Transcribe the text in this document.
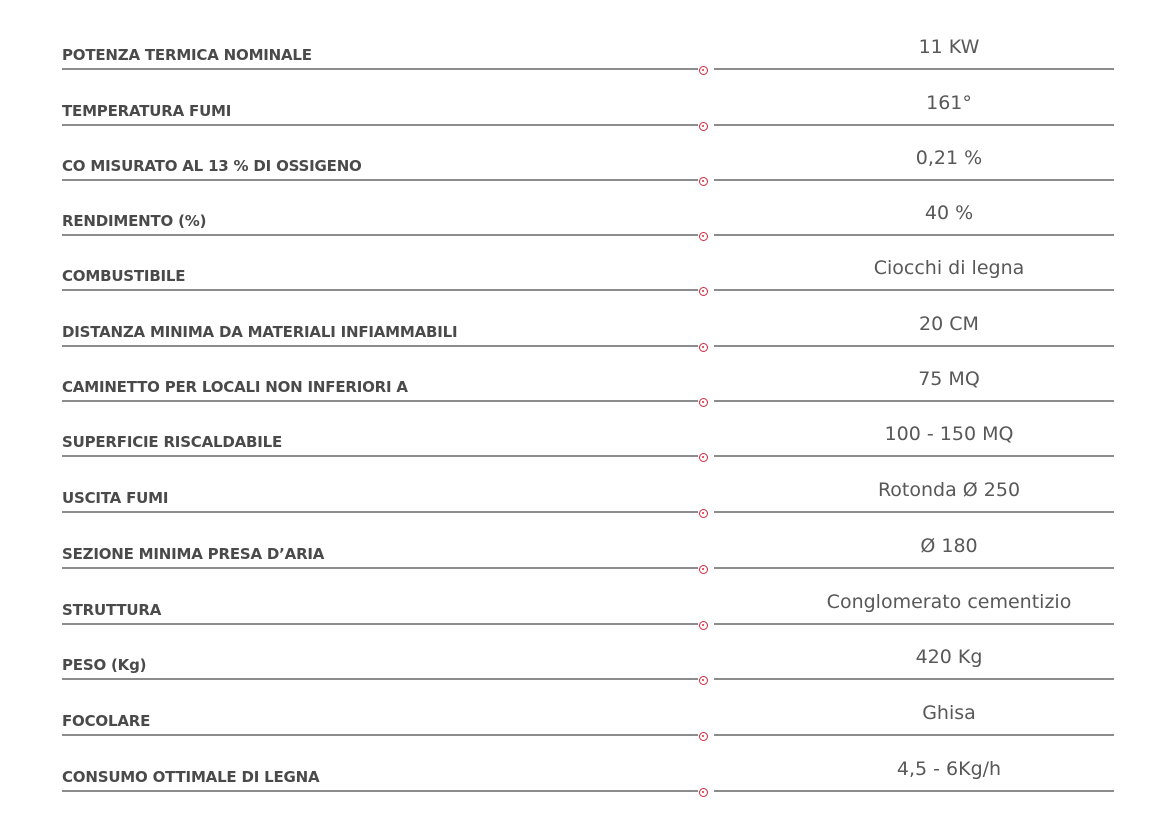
POTENZA TERMICA NOMINALE	11 KW
TEMPERATURA FUMI	161°
CO MISURATO AL 13 % DI OSSIGENO	0,21 %
RENDIMENTO (%)	40 %
COMBUSTIBILE	Ciocchi di legna
DISTANZA MINIMA DA MATERIALI INFIAMMABILI	20 CM
CAMINETTO PER LOCALI NON INFERIORI A	75 MQ
SUPERFICIE RISCALDABILE	100 - 150 MQ
USCITA FUMI	Rotonda Ø 250
SEZIONE MINIMA PRESA D’ARIA	Ø 180
STRUTTURA	Conglomerato cementizio
PESO (Kg)	420 Kg
FOCOLARE	Ghisa
CONSUMO OTTIMALE DI LEGNA	4,5 - 6Kg/h
